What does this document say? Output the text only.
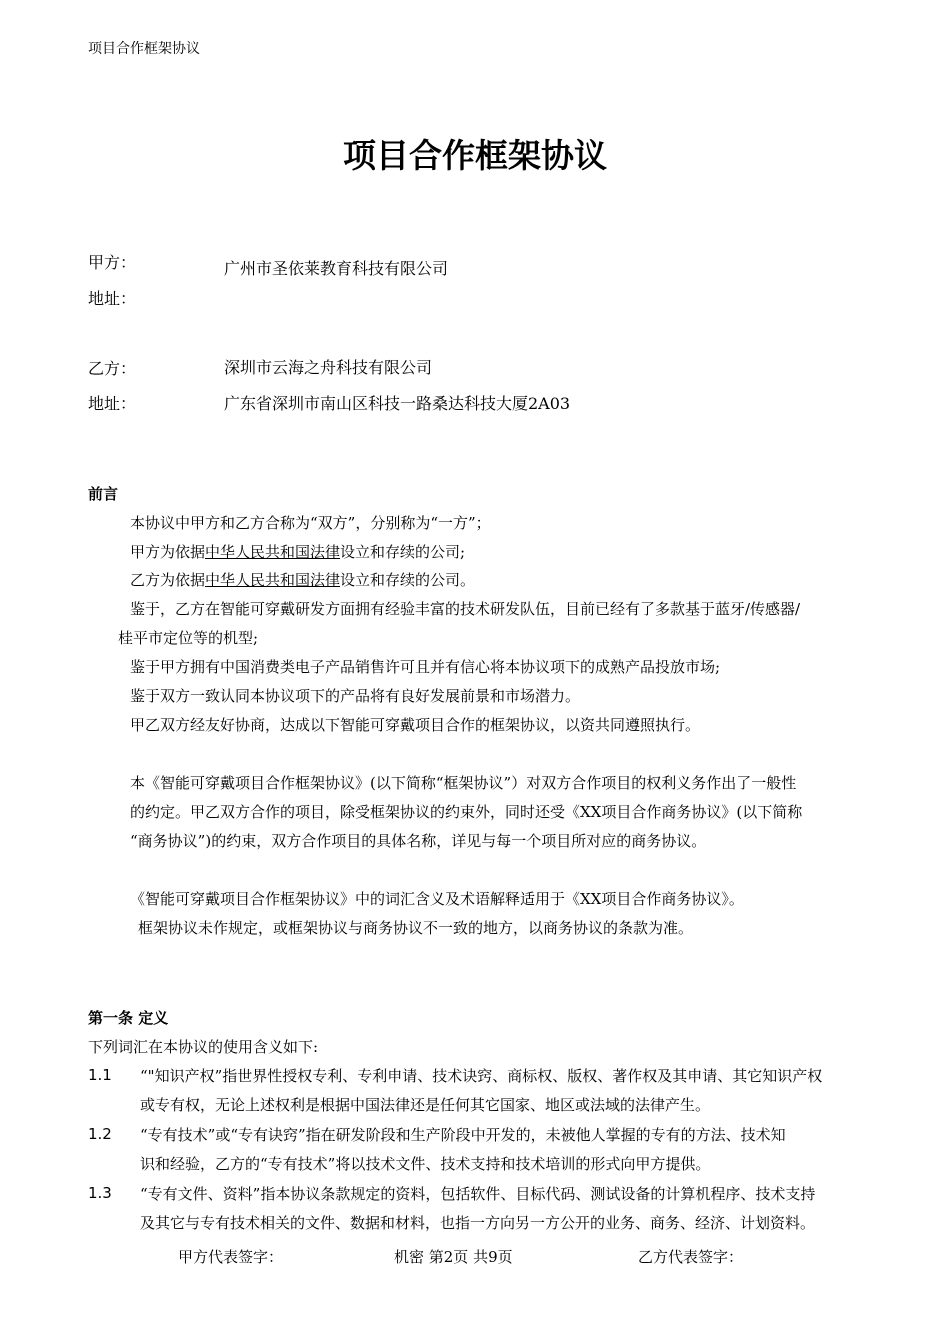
项目合作框架协议
项目合作框架协议
甲方：	广州市圣依莱教育科技有限公司
地址：
乙方：	深圳市云海之舟科技有限公司
地址：	广东省深圳市南山区科技一路桑达科技大厦2A03
前言
本协议中甲方和乙方合称为“双方”，分别称为“一方”；
甲方为依据中华人民共和国法律设立和存续的公司;
乙方为依据中华人民共和国法律设立和存续的公司。
鉴于，乙方在智能可穿戴研发方面拥有经验丰富的技术研发队伍，目前已经有了多款基于蓝牙/传感器/
桂平市定位等的机型;
鉴于甲方拥有中国消费类电子产品销售许可且并有信心将本协议项下的成熟产品投放市场;
鉴于双方一致认同本协议项下的产品将有良好发展前景和市场潜力。
甲乙双方经友好协商，达成以下智能可穿戴项目合作的框架协议，以资共同遵照执行。
本《智能可穿戴项目合作框架协议》(以下简称“框架协议”）对双方合作项目的权利义务作出了一般性
的约定。甲乙双方合作的项目，除受框架协议的约束外，同时还受《XX项目合作商务协议》(以下简称
“商务协议”)的约束，双方合作项目的具体名称，详见与每一个项目所对应的商务协议。
《智能可穿戴项目合作框架协议》中的词汇含义及术语解释适用于《XX项目合作商务协议》。
框架协议未作规定，或框架协议与商务协议不一致的地方，以商务协议的条款为准。
第一条 定义
下列词汇在本协议的使用含义如下:
1.1 “"知识产权”指世界性授权专利、专利申请、技术诀窍、商标权、版权、著作权及其申请、其它知识产权
或专有权，无论上述权利是根据中国法律还是任何其它国家、地区或法域的法律产生。
1.2 “专有技术”或“专有诀窍”指在研发阶段和生产阶段中开发的，未被他人掌握的专有的方法、技术知
识和经验，乙方的“专有技术”将以技术文件、技术支持和技术培训的形式向甲方提供。
1.3 “专有文件、资料”指本协议条款规定的资料，包括软件、目标代码、测试设备的计算机程序、技术支持
及其它与专有技术相关的文件、数据和材料，也指一方向另一方公开的业务、商务、经济、计划资料。
甲方代表签字：	机密 第2页 共9页	乙方代表签字：
